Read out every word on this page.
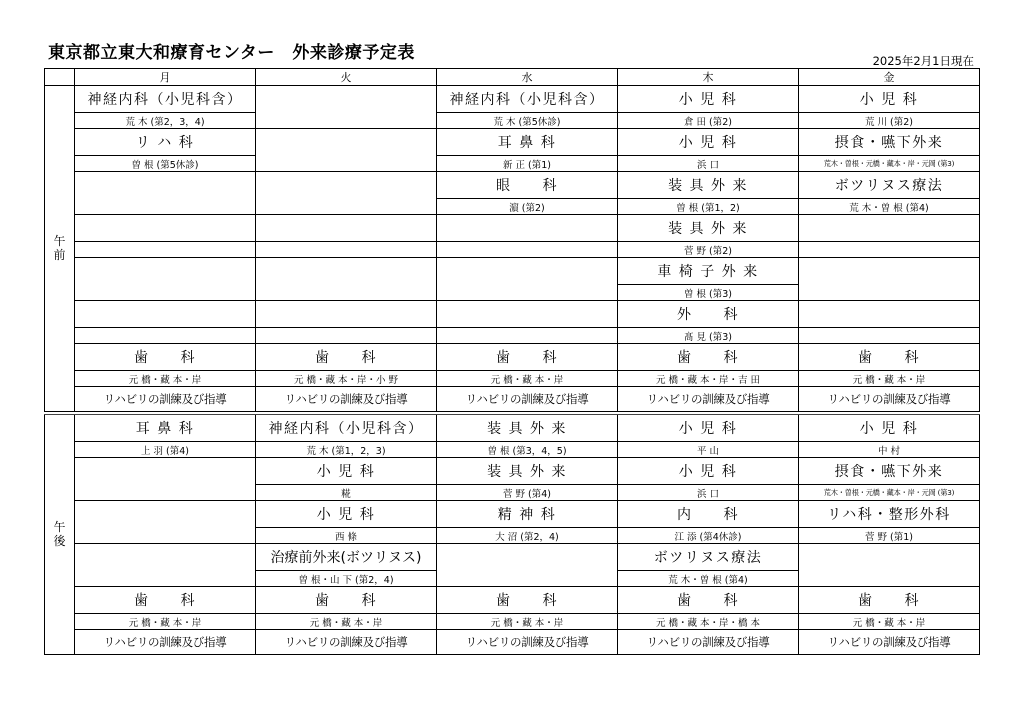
東京都立東大和療育センター　外来診療予定表	2025年2月1日現在
	月	火	水	木	金

午
前	神経内科（小児科含）		神経内科（小児科含）	小 児 科	小 児 科
	荒 木 (第2，3，4)		荒 木 (第5休診)	倉 田 (第2)	荒 川 (第2)
	リ ハ 科		耳 鼻 科	小 児 科	摂食・嚥下外来
	曽 根 (第5休診)		新 正 (第1)	浜 口	荒木・曽根・元橋・藏本・岸・元岡 (第3)
			眼　　科	装 具 外 来	ボツリヌス療法
			濵 (第2)	曽 根 (第1，2)	荒 木・曽 根 (第4)
				装 具 外 来	
				菅 野 (第2)	
				車 椅 子 外 来	
				曽 根 (第3)	
				外　　科	
				髙 見 (第3)	
	歯　　科	歯　　科	歯　　科	歯　　科	歯　　科
	元 橋・藏 本・岸	元 橋・藏 本・岸・小 野	元 橋・藏 本・岸	元 橋・藏 本・岸・吉 田	元 橋・藏 本・岸
	リハビリの訓練及び指導	リハビリの訓練及び指導	リハビリの訓練及び指導	リハビリの訓練及び指導	リハビリの訓練及び指導

午
後	耳 鼻 科	神経内科（小児科含）	装 具 外 来	小 児 科	小 児 科
	上 羽 (第4)	荒 木 (第1，2，3)	曽 根 (第3，4，5)	平 山	中 村
		小 児 科	装 具 外 来	小 児 科	摂食・嚥下外来
		糀	菅 野 (第4)	浜 口	荒木・曽根・元橋・藏本・岸・元岡 (第3)
		小 児 科	精 神 科	内　　科	リハ科・整形外科
		西 條	大 沼 (第2，4)	江 添 (第4休診)	菅 野 (第1)
		治療前外来(ボツリヌス)		ボツリヌス療法	
		曽 根・山 下 (第2，4)		荒 木・曽 根 (第4)	
	歯　　科	歯　　科	歯　　科	歯　　科	歯　　科
	元 橋・藏 本・岸	元 橋・藏 本・岸	元 橋・藏 本・岸	元 橋・藏 本・岸・橋 本	元 橋・藏 本・岸
	リハビリの訓練及び指導	リハビリの訓練及び指導	リハビリの訓練及び指導	リハビリの訓練及び指導	リハビリの訓練及び指導
